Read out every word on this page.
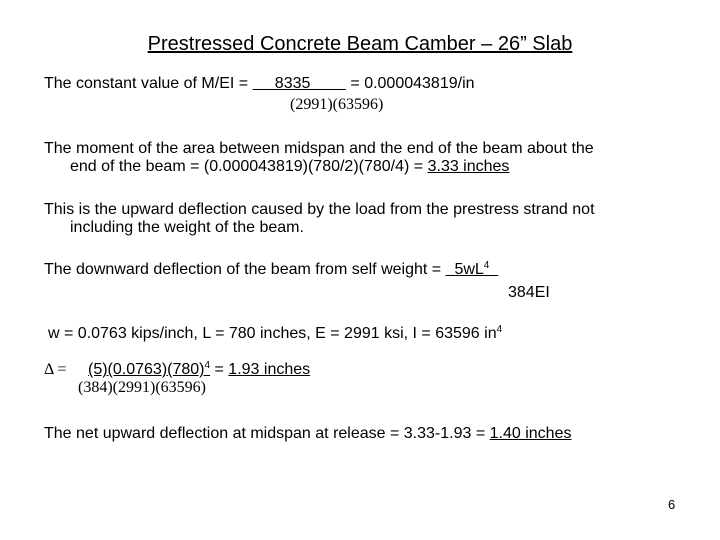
Prestressed Concrete Beam Camber – 26” Slab
The constant value of M/EI =      8335         = 0.000043819/in
(2991)(63596)
The moment of the area between midspan and the end of the beam about the
end of the beam = (0.000043819)(780/2)(780/4) = 3.33 inches
This is the upward deflection caused by the load from the prestress strand not
including the weight of the beam.
The downward deflection of the beam from self weight =   $5wL^4$
384EI
w = 0.0763 kips/inch, L = 780 inches, E = 2991 ksi, I = 63596 $in^4$
$\Delta = (5)(0.0763)(780)^4 = 1.93$ inches
(384)(2991)(63596)
The net upward deflection at midspan at release = 3.33-1.93 = 1.40 inches
6
